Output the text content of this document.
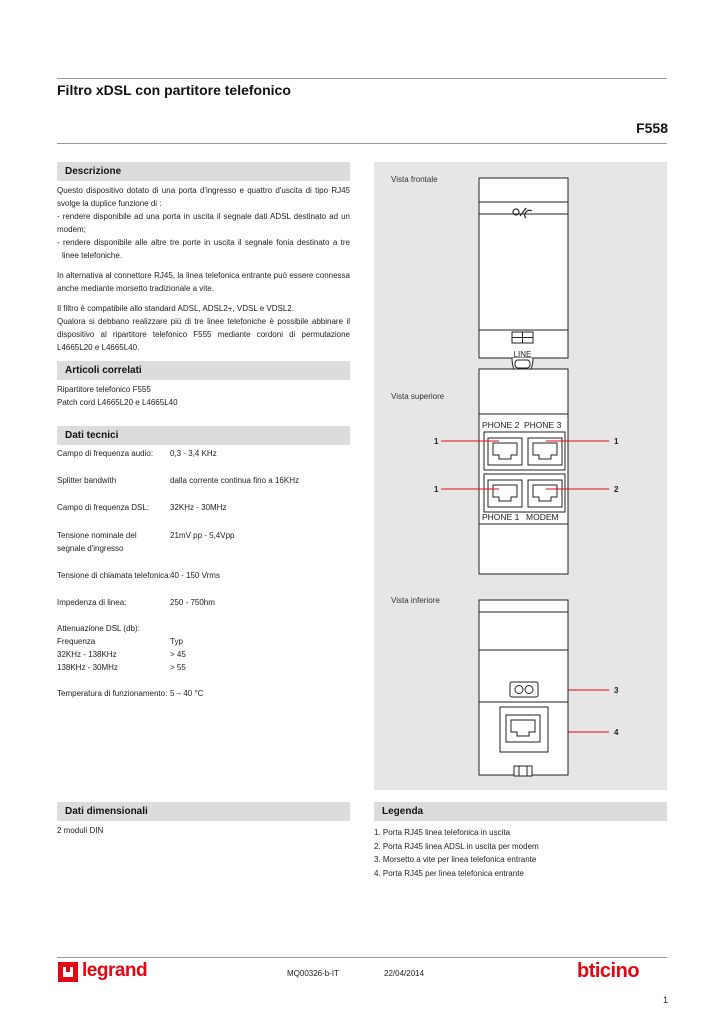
Filtro xDSL con partitore telefonico
F558
Descrizione
Questo dispositivo dotato di una porta d'ingresso e quattro d'uscita di tipo RJ45 svolge la duplice funzione di :
- rendere disponibile ad una porta in uscita il segnale dati ADSL destinato ad un modem;
- rendere disponibile alle altre tre porte in uscita il segnale fonia destinato a tre linee telefoniche.
In alternativa al connettore RJ45, la linea telefonica entrante può essere connessa anche mediante morsetto tradizionale a vite.
Il filtro è compatibile allo standard ADSL, ADSL2+, VDSL e VDSL2.
Qualora si debbano realizzare più di tre linee telefoniche è possibile abbinare il dispositivo al ripartitore telefonico F555 mediante cordoni di permutazione L4665L20 e L4665L40.
Articoli correlati
Ripartitore telefonico F555
Patch cord L4665L20 e L4665L40
Dati tecnici
Campo di frequenza audio:	0,3 - 3,4 KHz
Splitter bandwith	dalla corrente continua fino a 16KHz
Campo di frequenza DSL:	32KHz - 30MHz
Tensione nominale del
segnale d'ingresso
21mV pp - 5,4Vpp
Tensione di chiamata telefonica: 40 - 150 Vrms
Impedenza di linea:	250 - 750hm
Attenuazione DSL (db):
Frequenza	Typ
32KHz - 138KHz	> 45
138KHz - 30MHz	> 55
Temperatura di funzionamento: 5 – 40 °C
Vista frontale
Vista superiore
Vista inferiore
LINE
PHONE 2 PHONE 3
PHONE 1 MODEM
1	1
1	2
3
4
Dati dimensionali
2 moduli DIN
Legenda
1. Porta RJ45 linea telefonica in uscita
2. Porta RJ45 linea ADSL in uscita per modem
3. Morsetto a vite per linea telefonica entrante
4. Porta RJ45 per linea telefonica entrante
legrand	MQ00326-b-IT	22/04/2014	bticino
1
